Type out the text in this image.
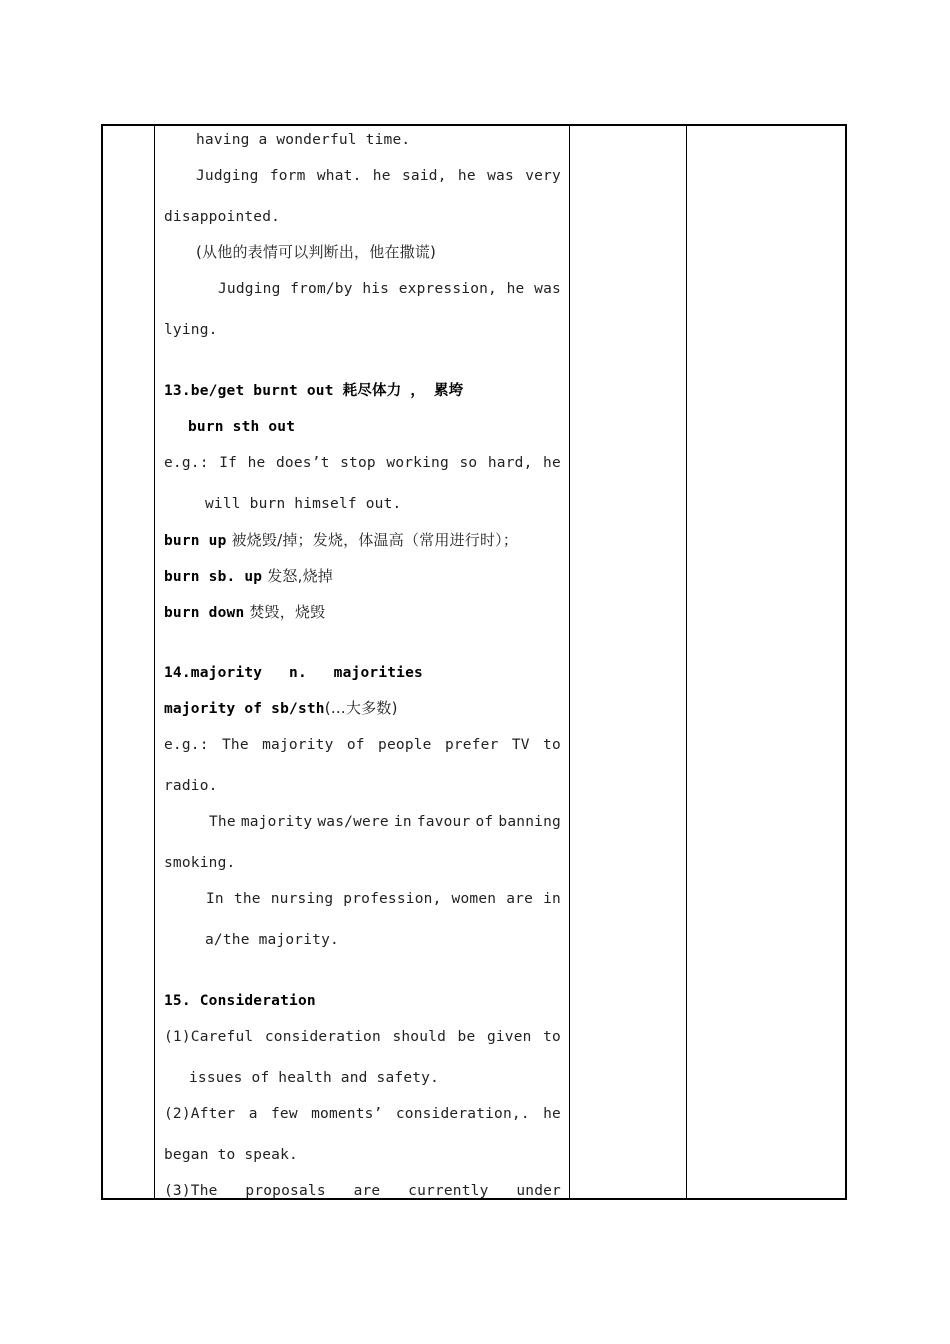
having a wonderful time.
Judging form what. he said, he was very
disappointed.
(从他的表情可以判断出，他在撒谎)
Judging from/by his expression, he was
lying.
13.be/get burnt out 耗尽体力 ， 累垮
burn sth out
e.g.: If he does’t stop working so hard, he
will burn himself out.
burn up 被烧毁/掉；发烧，体温高（常用进行时）；
burn sb. up 发怒,烧掉
burn down 焚毁，烧毁
14.majority   n.   majorities
majority of sb/sth(…大多数)
e.g.: The majority of people prefer TV to
radio.
The majority was/were in favour of banning
smoking.
In the nursing profession, women are in
a/the majority.
15. Consideration
(1)Careful consideration should be given to
issues of health and safety.
(2)After a few moments’ consideration,. he
began to speak.
(3)The proposals are currently under
